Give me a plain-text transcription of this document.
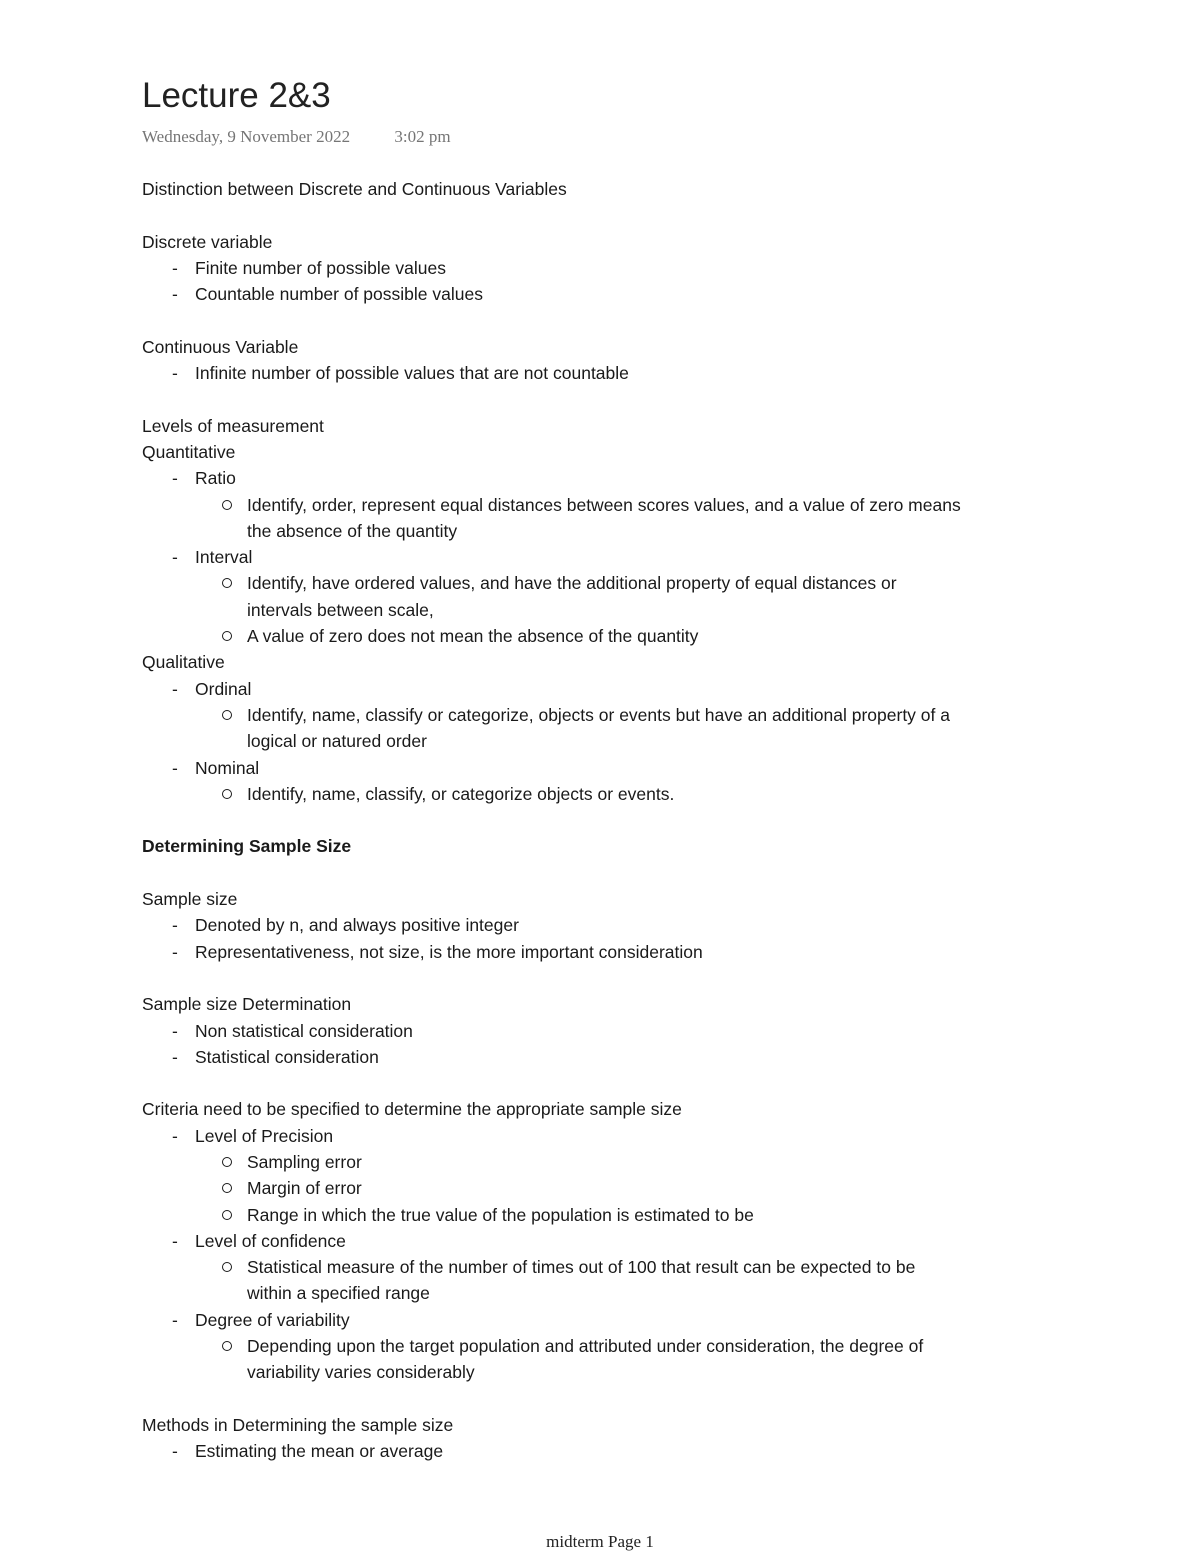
Lecture 2&3
Wednesday, 9 November 2022	3:02 pm
Distinction between Discrete and Continuous Variables
Discrete variable
- Finite number of possible values
- Countable number of possible values
Continuous Variable
- Infinite number of possible values that are not countable
Levels of measurement
Quantitative
- Ratio
Identify, order, represent equal distances between scores values, and a value of zero means
the absence of the quantity
- Interval
Identify, have ordered values, and have the additional property of equal distances or
intervals between scale,
A value of zero does not mean the absence of the quantity
Qualitative
- Ordinal
Identify, name, classify or categorize, objects or events but have an additional property of a
logical or natured order
- Nominal
Identify, name, classify, or categorize objects or events.
Determining Sample Size
Sample size
- Denoted by n, and always positive integer
- Representativeness, not size, is the more important consideration
Sample size Determination
- Non statistical consideration
- Statistical consideration
Criteria need to be specified to determine the appropriate sample size
- Level of Precision
Sampling error
Margin of error
Range in which the true value of the population is estimated to be
- Level of confidence
Statistical measure of the number of times out of 100 that result can be expected to be
within a specified range
- Degree of variability
Depending upon the target population and attributed under consideration, the degree of
variability varies considerably
Methods in Determining the sample size
- Estimating the mean or average
midterm Page 1
